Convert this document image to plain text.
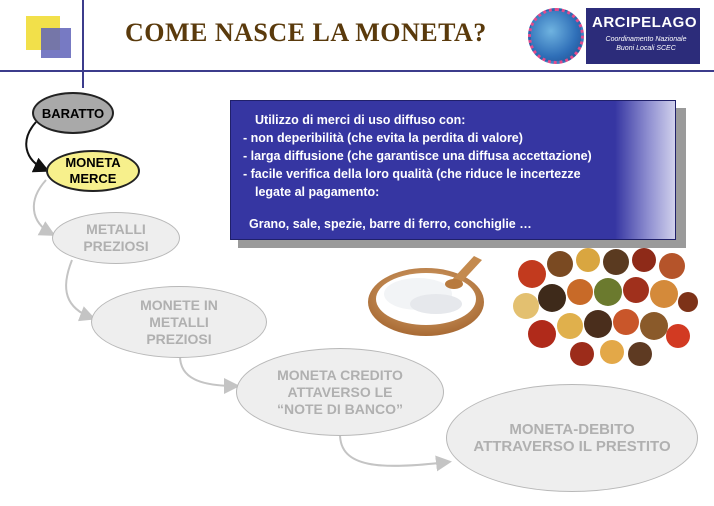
COME NASCE LA MONETA?	ARCIPELAGO
Coordinamento Nazionale
Buoni Locali SCEC
BARATTO
MONETA
MERCE
METALLI
PREZIOSI
MONETE IN
METALLI
PREZIOSI
MONETA CREDITO
ATTAVERSO LE
“NOTE DI BANCO”
MONETA-DEBITO
ATTRAVERSO IL PRESTITO
Utilizzo di merci di uso diffuso con:
- non deperibilità (che evita la perdita di valore)
- larga diffusione (che garantisce una diffusa accettazione)
- facile verifica della loro qualità (che riduce le incertezze
legate al pagamento:
Grano, sale, spezie, barre di ferro, conchiglie …
